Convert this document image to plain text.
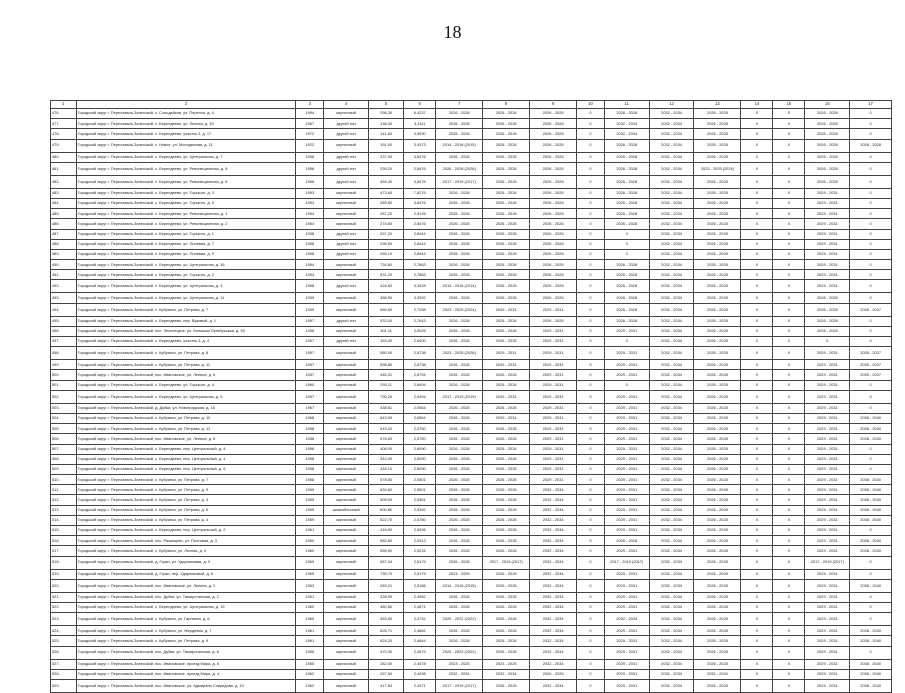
18
1	2	3	4	5	6	7	8	9	10	11	12	13	14	15	16	17
476.	Городской округ г. Переславль-Залесский, с. Сольдейков, ул. Перепчи, д. 4	1994	кирпичный	298,30	6,4237	2026 - 2028	2026 - 2028	2026 - 2028	0	2026 - 2028	2032 - 2034	2026 - 2028	0	0	2026 - 2028	0
477.	Городской округ г. Переславль-Залесский, с. Берендеево, ул. Лесная, д. 39	1967	другой тип	138,30	4,3111	2026 - 2028	2026 - 2028	2026 - 2028	0	2032 - 2034	2032 - 2034	2026 - 2028	0	0	2026 - 2028	0
478.	Городской округ г. Переславль-Залесский, с. Берендеево, участок 2, д. 17	1972	другой тип	141,60	3,5930	2026 - 2028	2026 - 2028	2026 - 2028	0	2032 - 2034	2032 - 2034	2026 - 2028	0	0	2026 - 2028	0
479.	Городской округ г. Переславль-Залесский, с. Новое, ул. Молодежная, д. 11	1922	кирпичный	191,00	3,4373	2014 - 2016 (2015)	2026 - 2028	2026 - 2028	0	2026 - 2028	2032 - 2034	2026 - 2028	0	0	2026 - 2028	2026 - 2028
480.	Городской округ г. Переславль-Залесский, с. Берендеево, ул. Центральная, д. 7	1956	другой тип	237,00	3,8476	2026 - 2028	2026 - 2028	2026 - 2028	0	2026 - 2028	2032 - 2034	2026 - 2028	0	0	2026 - 2028	0
481.	Городской округ г. Переславль-Залесский, с. Берендеево, ул. Революционная, д. 8	1956	другой тип	239,20	2,8476	2026 - 2028 (2026)	2026 - 2028	2026 - 2028	0	2026 - 2028	2032 - 2034	2023 - 2025 (2024)	0	0	2026 - 2028	0
482.	Городской округ г. Переславль-Залесский, с. Берендеево, ул. Революционная, д. 6	1956	другой тип	454,40	3,8476	2017 - 2019 (2017)	2026 - 2028	2026 - 2028	0	2026 - 2028	2032 - 2034	2026 - 2028	0	0	2026 - 2028	0
483.	Городской округ г. Переславль-Залесский, с. Берендеево, ул. Горького, д. 3	1953	кирпичный	473,60	7,8276	2026 - 2028	2026 - 2028	2026 - 2028	0	2026 - 2028	2032 - 2034	2026 - 2028	0	0	2029 - 2031	0
484.	Городской округ г. Переславль-Залесский, с. Берендеево, ул. Горького, д. 5	1953	кирпичный	289,80	3,8476	2026 - 2028	2026 - 2028	2026 - 2028	0	2026 - 2028	2032 - 2034	2026 - 2028	0	0	2029 - 2031	0
485.	Городской округ г. Переславль-Залесский, с. Берендеево, ул. Революционная, д. 1	1954	кирпичный	287,20	2,9126	2026 - 2028	2026 - 2028	2026 - 2028	0	2026 - 2028	2032 - 2034	2026 - 2028	0	0	2029 - 2031	0
486.	Городской округ г. Переславль-Залесский, с. Берендеево, ул. Революционная, д. 2	1954	кирпичный	274,60	2,8476	2026 - 2028	2026 - 2028	2026 - 2028	0	2026 - 2028	2032 - 2034	2026 - 2028	0	0	2029 - 2031	0
487.	Городской округ г. Переславль-Залесский, с. Берендеево, ул. Горького, д. 1	1938	другой тип	297,20	2,8444	2026 - 2028	2026 - 2028	2026 - 2028	0	0	2032 - 2034	2026 - 2028	0	0	2029 - 2031	0
488.	Городской округ г. Переславль-Залесский, с. Берендеево, ул. Полевая, д. 7	1958	другой тип	299,50	2,8444	2026 - 2028	2026 - 2028	2026 - 2028	0	0	2032 - 2034	2026 - 2028	0	0	2029 - 2031	0
489.	Городской округ г. Переславль-Залесский, с. Берендеево, ул. Полевая, д. 9	1958	другой тип	265,10	2,8444	2026 - 2028	2026 - 2028	2026 - 2028	0	0	2032 - 2034	2026 - 2028	0	0	2029 - 2031	0
490.	Городской округ г. Переславль-Залесский, с. Берендеево, ул. Центральная, д. 16	1954	кирпичный	734,60	2,7883	2026 - 2028	2026 - 2028	2026 - 2028	0	2026 - 2028	2032 - 2034	2026 - 2028	0	0	2029 - 2031	0
491.	Городской округ г. Переславль-Залесский, с. Берендеево, ул. Горького, д. 2	1954	кирпичный	631,20	2,7883	2026 - 2028	2026 - 2028	2026 - 2028	0	2026 - 2028	2032 - 2034	2026 - 2028	0	0	2029 - 2031	0
492.	Городской округ г. Переславль-Залесский, с. Берендеево, ул. Центральная, д. 3	1958	другой тип	424,60	3,3428	2014 - 2016 (2014)	2026 - 2028	2026 - 2028	0	2026 - 2028	2032 - 2034	2026 - 2028	0	0	2029 - 2031	0
493.	Городской округ г. Переславль-Залесский, с. Берендеево, ул. Центральная, д. 11	1939	кирпичный	366,50	3,3392	2026 - 2028	2026 - 2028	2026 - 2028	0	2026 - 2028	2032 - 2034	2026 - 2028	0	0	2026 - 2028	0
494.	Городской округ г. Переславль-Залесский, с. Кубринск, ул. Петрова, д. 7	1939	кирпичный	569,50	2,7098	2023 - 2025 (2024)	2029 - 2031	2029 - 2031	0	2026 - 2028	2032 - 2034	2026 - 2028	0	0	2026 - 2028	2035 - 2037
495.	Городской округ г. Переславль-Залесский, с. Берендеево, пер. Вузовый, д. 1	1957	другой тип	533,00	2,7643	2026 - 2028	2026 - 2028	2026 - 2028	0	2026 - 2028	2032 - 2034	2026 - 2028	0	0	2026 - 2028	0
496.	Городской округ г. Переславль-Залесский, пос. Лесенецкое, ул. Большая Октябрьская, д. 39	1936	кирпичный	301,11	2,0025	2026 - 2028	2026 - 2028	2029 - 2031	0	2029 - 2031	2032 - 2034	2026 - 2028	0	0	2026 - 2028	0
497.	Городской округ г. Переславль-Залесский, с. Берендеево, участок 2, д. 4	1967	другой тип	163,40	2,6400	2026 - 2028	2026 - 2028	2029 - 2031	0	0	2032 - 2034	2026 - 2028	0	0	0	0
498.	Городской округ г. Переславль-Залесский, с. Кубринск, ул. Петрова, д. 8	1957	кирпичный	580,00	2,6738	2023 - 2025 (2026)	2029 - 2031	2029 - 2031	0	2029 - 2031	2032 - 2034	2026 - 2028	0	0	2029 - 2031	2035 - 2037
499.	Городской округ г. Переславль-Залесский, с. Кубринск, ул. Петрова, д. 11	1957	кирпичный	598,80	2,6738	2026 - 2028	2029 - 2031	2029 - 2031	0	2029 - 2031	2032 - 2034	2026 - 2028	0	0	2029 - 2031	2035 - 2037
500.	Городской округ г. Переславль-Залесский, пос. Ивановское, ул. Ленина, д. 6	1957	кирпичный	446,31	2,6794	2026 - 2028	2026 - 2028	2029 - 2031	0	2029 - 2031	2032 - 2034	2026 - 2028	0	0	2029 - 2031	2035 - 2037
501.	Городской округ г. Переславль-Залесский, с. Берендеево, ул. Горького, д. 4	1960	кирпичный	293,11	2,6494	2026 - 2028	2026 - 2028	2029 - 2031	0	0	2032 - 2034	2026 - 2028	0	0	2029 - 2031	0
502.	Городской округ г. Переславль-Залесский, с. Берендеево, ул. Центральная, д. 5	1957	кирпичный	790,20	2,6494	2017 - 2019 (2019)	2029 - 2031	2029 - 2031	0	2029 - 2031	2032 - 2034	2026 - 2028	0	0	2029 - 2031	0
503.	Городской округ г. Переславль-Залесский, д. Дубки, ул. Новоградская, д. 16	1967	кирпичный	438,61	2,0564	2026 - 2028	2026 - 2028	2029 - 2031	0	2029 - 2031	2032 - 2034	2026 - 2028	0	0	2029 - 2031	0
504.	Городской округ г. Переславль-Залесский, с. Кубринск, ул. Петрова, д. 10	1968	кирпичный	643,00	2,6564	2026 - 2028	2029 - 2031	2029 - 2031	0	2029 - 2031	2032 - 2034	2026 - 2028	0	0	2029 - 2031	2038 - 2040
505.	Городской округ г. Переславль-Залесский, с. Кубринск, ул. Петрова, д. 12	1958	кирпичный	619,20	2,5750	2026 - 2028	2026 - 2028	2029 - 2031	0	2029 - 2031	2032 - 2034	2026 - 2028	0	0	2029 - 2031	2038 - 2040
506.	Городской округ г. Переславль-Залесский, пос. Ивановское, ул. Ленина, д. 8	1958	кирпичный	576,60	2,5750	2026 - 2028	2026 - 2028	2029 - 2031	0	2029 - 2031	2032 - 2034	2026 - 2028	0	0	2029 - 2031	2038 - 2040
507.	Городской округ г. Переславль-Залесский, с. Берендеево, пер. Центральный, д. 4	1958	кирпичный	408,00	2,6090	2026 - 2028	2026 - 2028	2029 - 2031	0	2029 - 2031	2032 - 2034	2026 - 2028	0	0	2029 - 2031	0
508.	Городской округ г. Переславль-Залесский, с. Берендеево, пер. Центральный, д. 1	1958	кирпичный	342,00	2,6090	2026 - 2028	2026 - 2028	2029 - 2031	0	2029 - 2031	2032 - 2034	2026 - 2028	0	0	2029 - 2031	0
509.	Городской округ г. Переславль-Залесский, с. Берендеево, пер. Центральный, д. 5	1958	кирпичный	418,10	2,6090	2026 - 2028	2026 - 2028	2029 - 2031	0	2029 - 2031	2032 - 2034	2026 - 2028	0	0	2029 - 2031	0
510.	Городской округ г. Переславль-Залесский, с. Кубринск, ул. Петрова, д. 7	1958	кирпичный	578,50	2,5501	2026 - 2028	2026 - 2028	2029 - 2031	0	2029 - 2031	2032 - 2034	2026 - 2028	0	0	2029 - 2031	2038 - 2040
511.	Городской округ г. Переславль-Залесский, с. Кубринск, ул. Петрова, д. 9	1959	кирпичный	634,60	2,5501	2026 - 2028	2026 - 2028	2032 - 2034	0	2029 - 2031	2032 - 2034	2026 - 2028	0	0	2029 - 2031	2038 - 2040
512.	Городской округ г. Переславль-Залесский, с. Кубринск, ул. Петрова, д. 3	1959	кирпичный	509,00	2,5361	2026 - 2028	2026 - 2028	2032 - 2034	0	2029 - 2031	2032 - 2034	2026 - 2028	0	0	2029 - 2031	2038 - 2040
513.	Городской округ г. Переславль-Залесский, с. Кубринск, ул. Петрова, д. 6	1959	шлакоблочный	600,80	2,5392	2026 - 2028	2026 - 2028	2032 - 2034	0	2029 - 2031	2032 - 2034	2026 - 2028	0	0	2029 - 2031	2038 - 2040
514.	Городской округ г. Переславль-Залесский, с. Кубринск, ул. Петрова, д. 4	1959	кирпичный	522,70	2,5780	2026 - 2028	2026 - 2028	2032 - 2034	0	2029 - 2031	2032 - 2034	2026 - 2028	0	0	2029 - 2031	2038 - 2040
515.	Городской округ г. Переславль-Залесский, с. Берендеево, пер. Центральный, д. 2	1961	кирпичный	416,90	2,5336	2026 - 2028	2026 - 2028	2032 - 2034	0	2029 - 2031	2032 - 2034	2026 - 2028	0	0	2029 - 2031	0
516.	Городской округ г. Переславль-Залесский, пос. Рязанцево, ул. Почтовая, д. 3	1960	кирпичный	582,60	2,5313	2026 - 2028	2026 - 2028	2032 - 2034	0	2026 - 2028	2032 - 2034	2026 - 2028	0	0	2029 - 2031	2038 - 2040
517.	Городской округ г. Переславль-Залесский, с. Кубринск, ул. Лесная, д. 3	1960	кирпичный	555,90	2,5216	2026 - 2028	2026 - 2028	2032 - 2034	0	2029 - 2031	2032 - 2034	2026 - 2028	0	0	2029 - 2031	2038 - 2040
518.	Городской округ г. Переславль-Залесский, д. Горки, ул. Ударниковая, д. 9	1969	кирпичный	557,04	2,5179	2026 - 2028	2017 - 2019 (2017)	2032 - 2034	0	2017 - 2019 (2017)	2032 - 2034	2026 - 2028	0	0	2017 - 2019 (2017)	0
519.	Городской округ г. Переславль-Залесский, д. Горки, пер. Ударниковый, д. 6	1969	кирпичный	735,70	2,5179	2023 - 2025	2026 - 2028	2032 - 2034	0	2029 - 2031	2032 - 2034	2026 - 2028	0	0	2029 - 2031	0
520.	Городской округ г. Переславль-Залесский, пос. Ивановское, ул. Ленина, д. 2	1953	кирпичный	289,21	2,5186	2014 - 2016 (2015)	2026 - 2028	2032 - 2034	0	2029 - 2031	2032 - 2034	2026 - 2028	0	0	2029 - 2031	2038 - 2040
521.	Городской округ г. Переславль-Залесский, пос. Дубки, ул. Тамарстанская, д. 2	1961	кирпичный	328,99	2,4982	2026 - 2028	2026 - 2028	2032 - 2034	0	2029 - 2031	2032 - 2034	2026 - 2028	0	0	2029 - 2031	0
522.	Городской округ г. Переславль-Залесский, с. Берендеево, ул. Центральная, д. 15	1960	кирпичный	480,60	2,4871	2026 - 2028	2026 - 2028	2032 - 2034	0	2029 - 2031	2032 - 2034	2026 - 2028	0	0	2029 - 2031	0
523.	Городской округ г. Переславль-Залесский, с. Кубринск, ул. Гарнизон, д. 6	1965	кирпичный	363,50	2,4732	2020 - 2022 (2022)	2026 - 2028	2032 - 2034	0	2032 - 2034	2032 - 2034	2026 - 2028	0	0	2029 - 2031	0
524.	Городской округ г. Переславль-Залесский, с. Кубринск, ул. Жердевая, д. 7	1961	кирпичный	626,71	2,4682	2026 - 2028	2026 - 2028	2032 - 2034	0	2029 - 2031	2032 - 2034	2026 - 2028	0	0	2029 - 2031	2038 - 2040
525.	Городской округ г. Переславль-Залесский, с. Кубринск, ул. Петрова, д. 9	1961	кирпичный	624,20	2,4644	2026 - 2028	2026 - 2028	2032 - 2034	0	2029 - 2031	2032 - 2034	2026 - 2028	0	0	2029 - 2031	2038 - 2040
526.	Городской округ г. Переславль-Залесский, пос. Дубки, ул. Тамарстанская, д. 8	1956	кирпичный	470,30	2,4579	2020 - 2022 (2022)	2026 - 2028	2032 - 2034	0	2029 - 2031	2032 - 2034	2026 - 2028	0	0	2029 - 2031	0
527.	Городской округ г. Переславль-Залесский, пос. Ивановское, проезд Мира, д. 6	1955	кирпичный	282,00	2,4478	2023 - 2025	2023 - 2025	2032 - 2034	0	2029 - 2031	2032 - 2034	2026 - 2028	0	0	2029 - 2031	2038 - 2040
528.	Городской округ г. Переславль-Залесский, пос. Ивановское, проезд Мира, д. 4	1962	кирпичный	267,50	2,4438	2032 - 2034	2032 - 2034	2026 - 2028	0	2029 - 2031	2032 - 2034	2032 - 2034	0	0	2029 - 2031	2038 - 2040
529.	Городской округ г. Переславль-Залесский, пос. Ивановское, ул. Адмирала Спиридова, д. 10	1962	кирпичный	417,84	2,4371	2017 - 2019 (2017)	2026 - 2028	2032 - 2034	0	2029 - 2031	2032 - 2034	2026 - 2028	0	0	2029 - 2031	2038 - 2040
